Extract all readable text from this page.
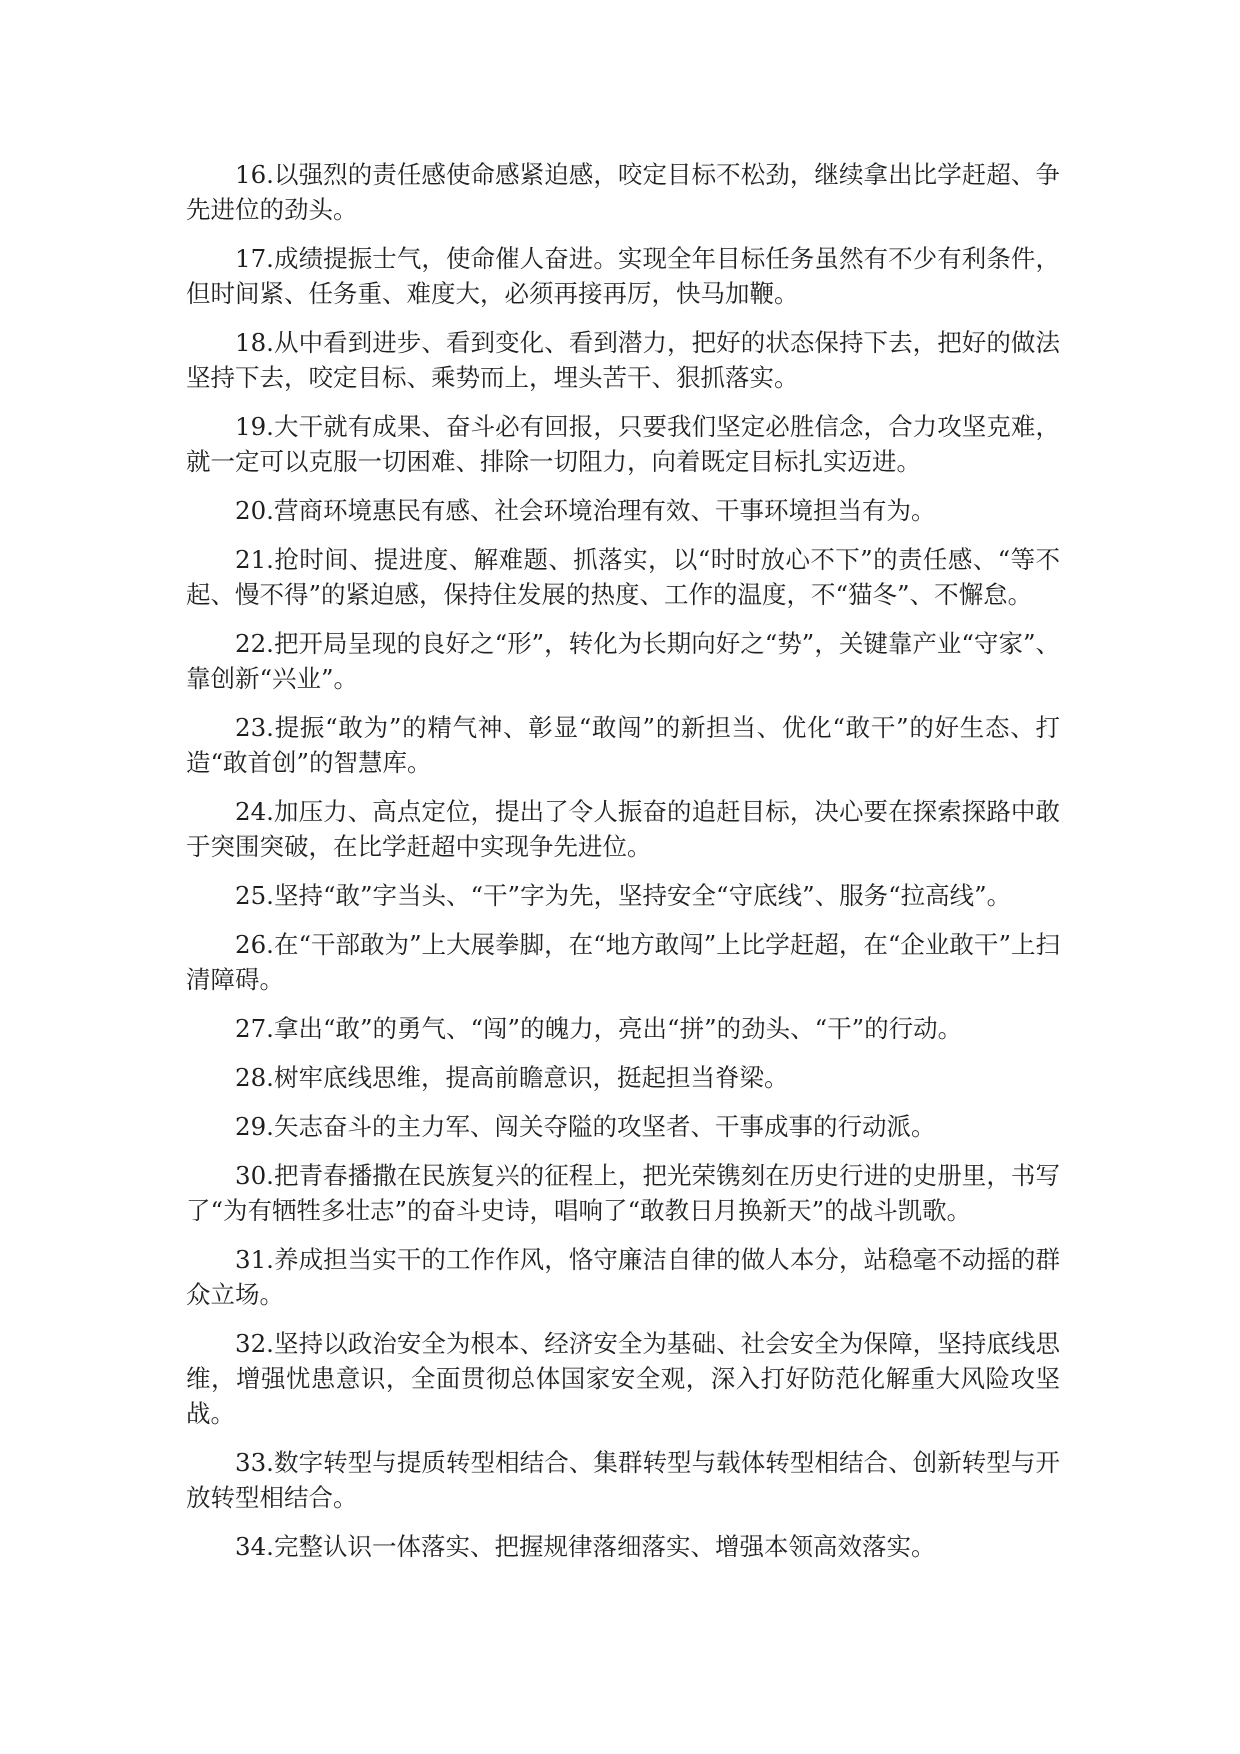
16.以强烈的责任感使命感紧迫感，咬定目标不松劲，继续拿出比学赶超、争先进位的劲头。

17.成绩提振士气，使命催人奋进。实现全年目标任务虽然有不少有利条件，但时间紧、任务重、难度大，必须再接再厉，快马加鞭。

18.从中看到进步、看到变化、看到潜力，把好的状态保持下去，把好的做法坚持下去，咬定目标、乘势而上，埋头苦干、狠抓落实。

19.大干就有成果、奋斗必有回报，只要我们坚定必胜信念，合力攻坚克难，就一定可以克服一切困难、排除一切阻力，向着既定目标扎实迈进。

20.营商环境惠民有感、社会环境治理有效、干事环境担当有为。

21.抢时间、提进度、解难题、抓落实，以“时时放心不下”的责任感、“等不起、慢不得”的紧迫感，保持住发展的热度、工作的温度，不“猫冬”、不懈怠。

22.把开局呈现的良好之“形”，转化为长期向好之“势”，关键靠产业“守家”、靠创新“兴业”。

23.提振“敢为”的精气神、彰显“敢闯”的新担当、优化“敢干”的好生态、打造“敢首创”的智慧库。

24.加压力、高点定位，提出了令人振奋的追赶目标，决心要在探索探路中敢于突围突破，在比学赶超中实现争先进位。

25.坚持“敢”字当头、“干”字为先，坚持安全“守底线”、服务“拉高线”。

26.在“干部敢为”上大展拳脚，在“地方敢闯”上比学赶超，在“企业敢干”上扫清障碍。

27.拿出“敢”的勇气、“闯”的魄力，亮出“拼”的劲头、“干”的行动。

28.树牢底线思维，提高前瞻意识，挺起担当脊梁。

29.矢志奋斗的主力军、闯关夺隘的攻坚者、干事成事的行动派。

30.把青春播撒在民族复兴的征程上，把光荣镌刻在历史行进的史册里，书写了“为有牺牲多壮志”的奋斗史诗，唱响了“敢教日月换新天”的战斗凯歌。

31.养成担当实干的工作作风，恪守廉洁自律的做人本分，站稳毫不动摇的群众立场。

32.坚持以政治安全为根本、经济安全为基础、社会安全为保障，坚持底线思维，增强忧患意识，全面贯彻总体国家安全观，深入打好防范化解重大风险攻坚战。

33.数字转型与提质转型相结合、集群转型与载体转型相结合、创新转型与开放转型相结合。

34.完整认识一体落实、把握规律落细落实、增强本领高效落实。
